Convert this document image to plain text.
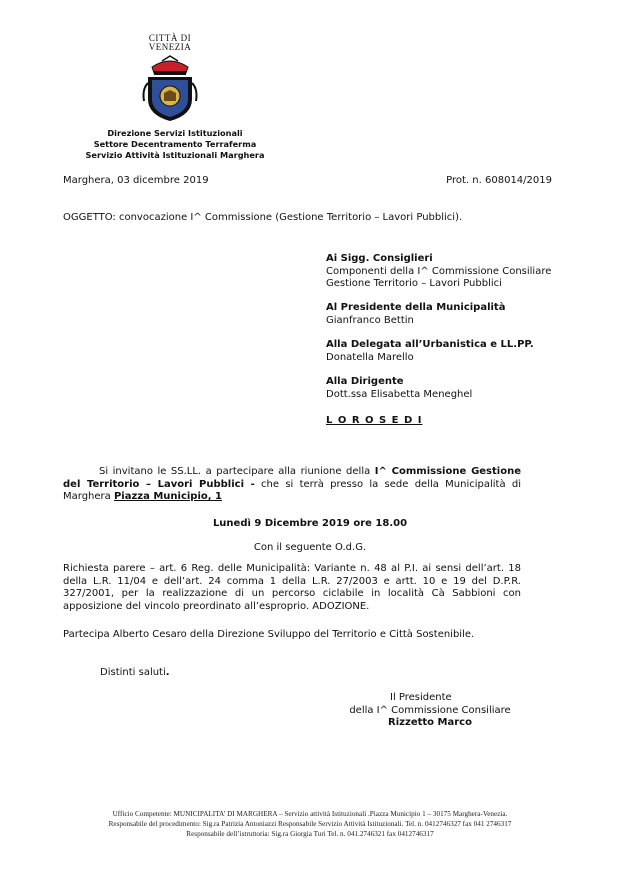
CITTÀ DI
VENEZIA
Direzione Servizi Istituzionali
Settore Decentramento Terraferma
Servizio Attività Istituzionali Marghera
Marghera, 03 dicembre 2019	Prot. n. 608014/2019
OGGETTO: convocazione I^ Commissione (Gestione Territorio – Lavori Pubblici).
Ai Sigg. Consiglieri
Componenti della I^ Commissione Consiliare
Gestione Territorio – Lavori Pubblici
Al Presidente della Municipalità
Gianfranco Bettin
Alla Delegata all’Urbanistica e LL.PP.
Donatella Marello
Alla Dirigente
Dott.ssa Elisabetta Meneghel
L O R O S E D I
Si invitano le SS.LL. a partecipare alla riunione della I^ Commissione Gestione del Territorio – Lavori Pubblici - che si terrà presso la sede della Municipalità di Marghera Piazza Municipio, 1
Lunedì 9 Dicembre 2019 ore 18.00
Con il seguente O.d.G.
Richiesta parere – art. 6 Reg. delle Municipalità: Variante n. 48 al P.I. ai sensi dell’art. 18 della L.R. 11/04 e dell’art. 24 comma 1 della L.R. 27/2003 e artt. 10 e 19 del D.P.R. 327/2001, per la realizzazione di un percorso ciclabile in località Cà Sabbioni con apposizione del vincolo preordinato all’esproprio. ADOZIONE.
Partecipa Alberto Cesaro della Direzione Sviluppo del Territorio e Città Sostenibile.
Distinti saluti.
Il Presidente
della I^ Commissione Consiliare
Rizzetto Marco
Ufficio Competente: MUNICIPALITA’ DI MARGHERA – Servizio attività Istituzionali .Piazza Municipio 1 – 30175 Marghera-Venezia.
Responsabile del procedimento: Sig.ra Patrizia Antoniazzi Responsabile Servizio Attività Istituzionali. Tel. n. 0412746327 fax 041 2746317
Responsabile dell’istruttoria: Sig.ra Giorgia Turi Tel. n. 041.2746321 fax 0412746317
